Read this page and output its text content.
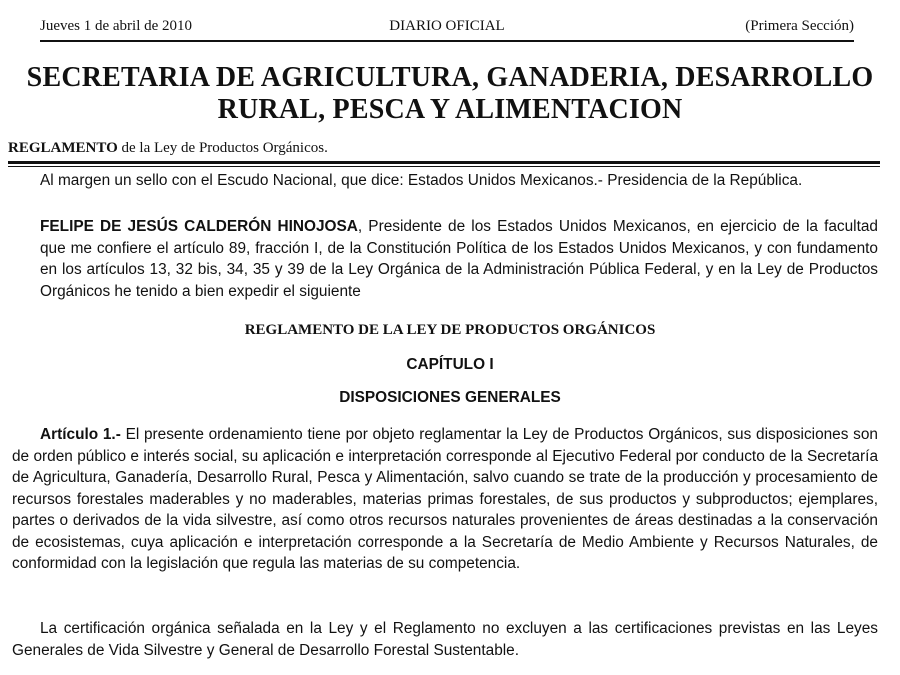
Jueves 1 de abril de 2010	DIARIO OFICIAL	(Primera Sección)
SECRETARIA DE AGRICULTURA, GANADERIA, DESARROLLO
RURAL, PESCA Y ALIMENTACION
REGLAMENTO de la Ley de Productos Orgánicos.
Al margen un sello con el Escudo Nacional, que dice: Estados Unidos Mexicanos.- Presidencia de la República.
FELIPE DE JESÚS CALDERÓN HINOJOSA, Presidente de los Estados Unidos Mexicanos, en ejercicio de la facultad que me confiere el artículo 89, fracción I, de la Constitución Política de los Estados Unidos Mexicanos, y con fundamento en los artículos 13, 32 bis, 34, 35 y 39 de la Ley Orgánica de la Administración Pública Federal, y en la Ley de Productos Orgánicos he tenido a bien expedir el siguiente
REGLAMENTO DE LA LEY DE PRODUCTOS ORGÁNICOS
CAPÍTULO I
DISPOSICIONES GENERALES
Artículo 1.- El presente ordenamiento tiene por objeto reglamentar la Ley de Productos Orgánicos, sus disposiciones son de orden público e interés social, su aplicación e interpretación corresponde al Ejecutivo Federal por conducto de la Secretaría de Agricultura, Ganadería, Desarrollo Rural, Pesca y Alimentación, salvo cuando se trate de la producción y procesamiento de recursos forestales maderables y no maderables, materias primas forestales, de sus productos y subproductos; ejemplares, partes o derivados de la vida silvestre, así como otros recursos naturales provenientes de áreas destinadas a la conservación de ecosistemas, cuya aplicación e interpretación corresponde a la Secretaría de Medio Ambiente y Recursos Naturales, de conformidad con la legislación que regula las materias de su competencia.
La certificación orgánica señalada en la Ley y el Reglamento no excluyen a las certificaciones previstas en las Leyes Generales de Vida Silvestre y General de Desarrollo Forestal Sustentable.
